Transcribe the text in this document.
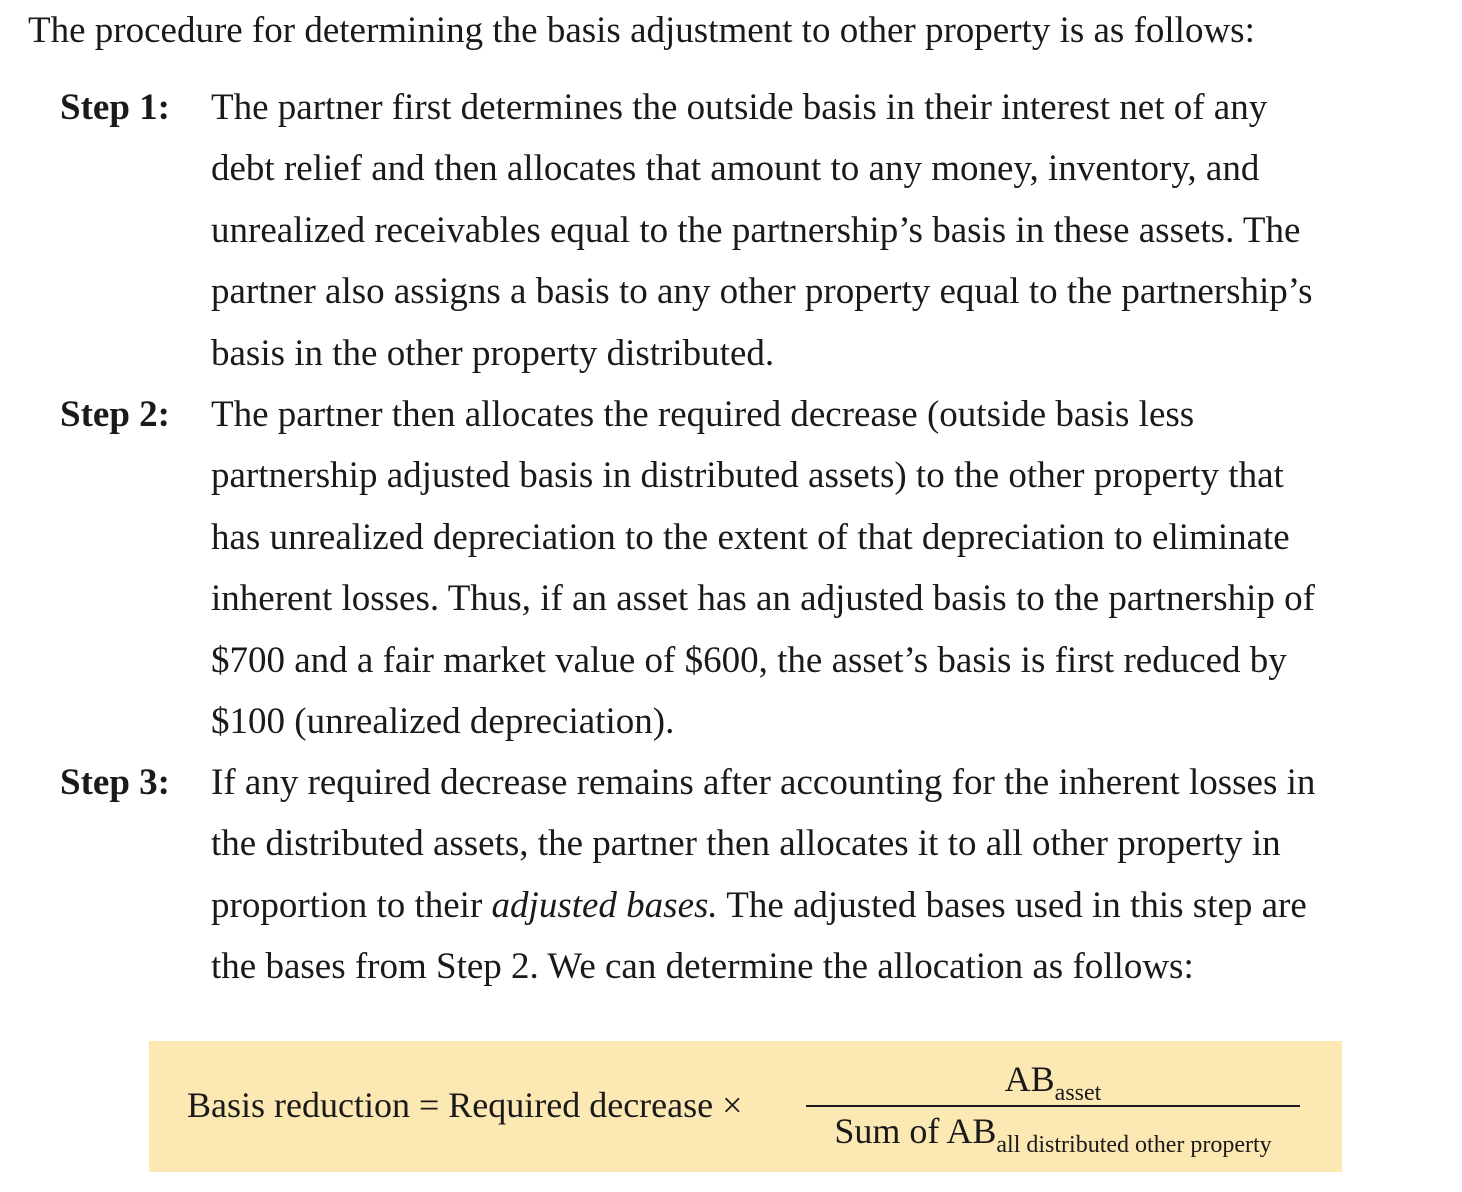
The procedure for determining the basis adjustment to other property is as follows:
Step 1: The partner first determines the outside basis in their interest net of any
debt relief and then allocates that amount to any money, inventory, and
unrealized receivables equal to the partnership’s basis in these assets. The
partner also assigns a basis to any other property equal to the partnership’s
basis in the other property distributed.
Step 2: The partner then allocates the required decrease (outside basis less
partnership adjusted basis in distributed assets) to the other property that
has unrealized depreciation to the extent of that depreciation to eliminate
inherent losses. Thus, if an asset has an adjusted basis to the partnership of
$700 and a fair market value of $600, the asset’s basis is first reduced by
$100 (unrealized depreciation).
Step 3: If any required decrease remains after accounting for the inherent losses in
the distributed assets, the partner then allocates it to all other property in
proportion to their adjusted bases. The adjusted bases used in this step are
the bases from Step 2. We can determine the allocation as follows:
Basis reduction = Required decrease ×
$AB_{asset}$
Sum of $AB_{all distributed other property}$
